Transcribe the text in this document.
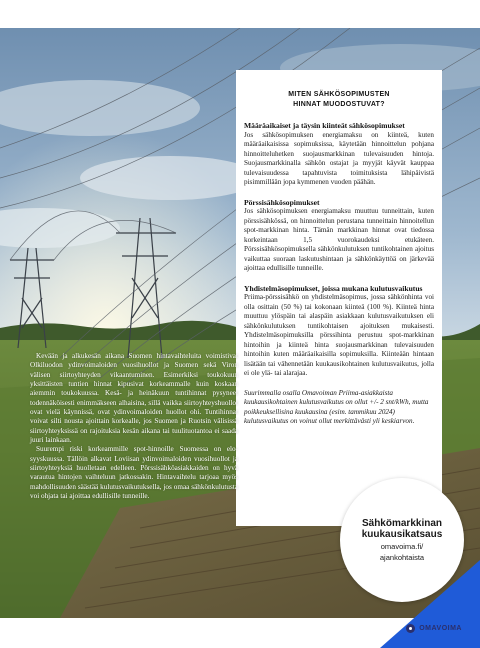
MITEN SÄHKÖSOPIMUSTEN
HINNAT MUODOSTUVAT?
Määräaikaiset ja täysin kiinteät sähkösopimukset

Jos sähkösopimuksen energiamaksu on kiinteä, kuten määräaikaisissa sopimuksissa, käytetään hinnoittelun pohjana hinnoitteluhetken suojausmarkkinan tulevaisuuden hintoja. Suojausmarkkinalla sähkön ostajat ja myyjät käyvät kauppaa tulevaisuudessa tapahtuvista toimituksista lähipäivistä pisimmillään jopa kymmenen vuoden päähän.

Pörssisähkösopimukset

Jos sähkösopimuksen energiamaksu muuttuu tunneittain, kuten pörssisähkössä, on hinnoittelun perustana tunneittain hinnoitellun spot-markkinan hinta. Tämän markkinan hinnat ovat tiedossa korkeintaan 1,5 vuorokaudeksi etukäteen. Pörssisähkösopimuksella sähkönkulutuksen tuntikohtainen ajoitus vaikuttaa suoraan laskutushintaan ja sähkönkäyttöä on järkevää ajoittaa edullisille tunneille.

Yhdistelmäsopimukset, joissa mukana kulutusvaikutus

Priima-pörssisähkö on yhdistelmäsopimus, jossa sähkönhinta voi olla osittain (50 %) tai kokonaan kiinteä (100 %). Kiinteä hinta muuttuu ylöspäin tai alaspäin asiakkaan kulutusvaikutuksen eli sähkönkulutuksen tuntikohtaisen ajoituksen mukaisesti. Yhdistelmäsopimuksilla pörssihinta perustuu spot-markkinan hintoihin ja kiinteä hinta suojausmarkkinan tulevaisuuden hintoihin kuten määräaikaisilla sopimuksilla. Kiinteään hintaan lisätään tai vähennetään kuukausikohtainen kulutusvaikutus, jolla ei ole ylä- tai alarajaa.

Suurimmalla osalla Omavoiman Priima-asiakkaista kuukausikohtainen kulutusvaikutus on ollut +/- 2 snt/kWh, mutta poikkeuksellisina kuukausina (esim. tammikuu 2024) kulutusvaikutus on voinut ollut merkittävästi yli keskiarvon.

Kevään ja alkukesän aikana Suomen hintavaihteluita voimistivat Olkiluodon ydinvoimaloiden vuosihuollot ja Suomen sekä Viron välisen siirtoyhteyden vikaantuminen. Esimerkiksi toukokuun yksittäisten tuntien hinnat kipusivat korkeammalle kuin koskaan aiemmin toukokuussa. Kesä- ja heinäkuun tuntihinnat pysyneet todennäköisesti enimmäkseen alhaisina, sillä vaikka siirtoyhteyshuollot ovat vielä käynnissä, ovat ydinvoimaloiden huollot ohi. Tuntihinnat voivat silti nousta ajoittain korkealle, jos Suomen ja Ruotsin välisissä siirtoyhteyksissä on rajoituksia kesän aikana tai tuulituotantoa ei saada juuri lainkaan.

Suurempi riski korkeammille spot-hinnoille Suomessa on elo-syyskuussa. Tällöin alkavat Loviisan ydinvoimaloiden vuosihuollot ja siirtoyhteyksiä huolletaan edelleen. Pörssisähköasiakkaiden on hyvä varautua hintojen vaihteluun jatkossakin. Hintavaihtelu tarjoaa myös mahdollisuuden säästää kulutusvaikutuksella, jos omaa sähkönkulutusta voi ohjata tai ajoittaa edullisille tunneille.

Sähkömarkkinan
kuukausikatsaus
omavoima.fi/
ajankohtaista
OMAVOIMA
